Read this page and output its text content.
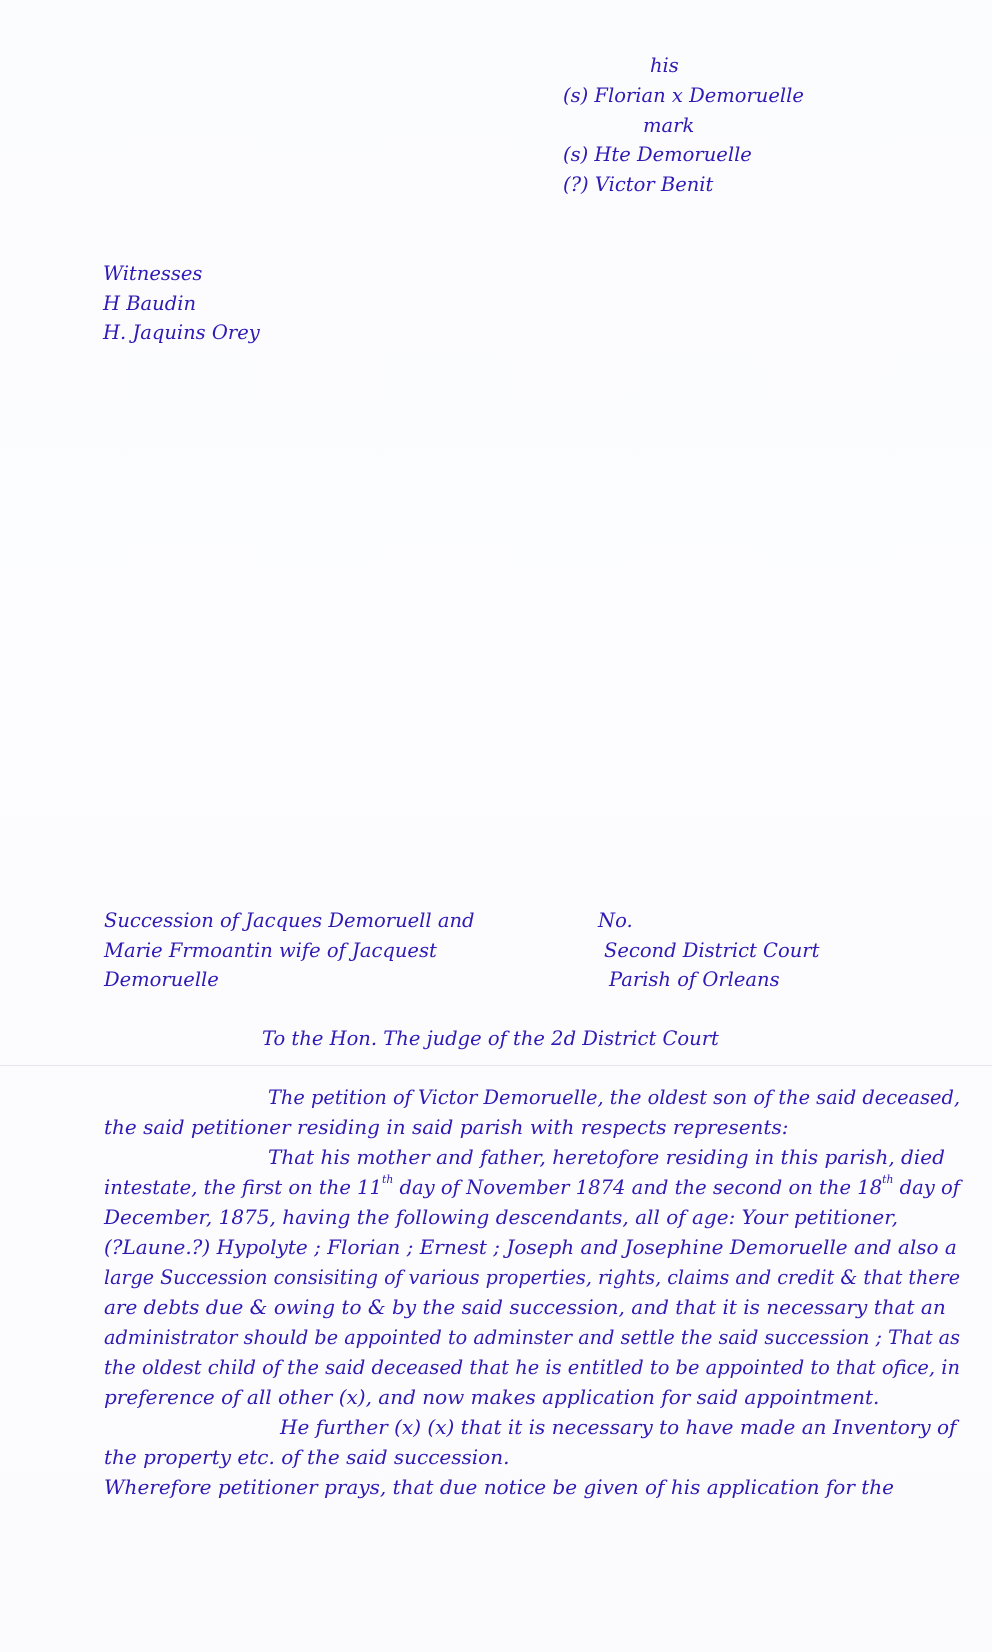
his
(s) Florian x Demoruelle
mark
(s) Hte Demoruelle
(?) Victor Benit
Witnesses
H Baudin
H. Jaquins Orey
Succession of Jacques Demoruell and
Marie Frmoantin wife of Jacquest
Demoruelle
No.
Second District Court
Parish of Orleans
To the Hon. The judge of the 2d District Court
The petition of Victor Demoruelle, the oldest son of the said deceased,
the said petitioner residing in said parish with respects represents:
That his mother and father, heretofore residing in this parish, died
intestate, the first on the 11th day of November 1874 and the second on the 18th day of
December, 1875, having the following descendants, all of age: Your petitioner,
(?Laune.?) Hypolyte ; Florian ; Ernest ; Joseph and Josephine Demoruelle and also a
large Succession consisiting of various properties, rights, claims and credit & that there
are debts due & owing to & by the said succession, and that it is necessary that an
administrator should be appointed to adminster and settle the said succession ; That as
the oldest child of the said deceased that he is entitled to be appointed to that ofice, in
preference of all other (x), and now makes application for said appointment.
He further (x) (x) that it is necessary to have made an Inventory of
the property etc. of the said succession.
Wherefore petitioner prays, that due notice be given of his application for the
